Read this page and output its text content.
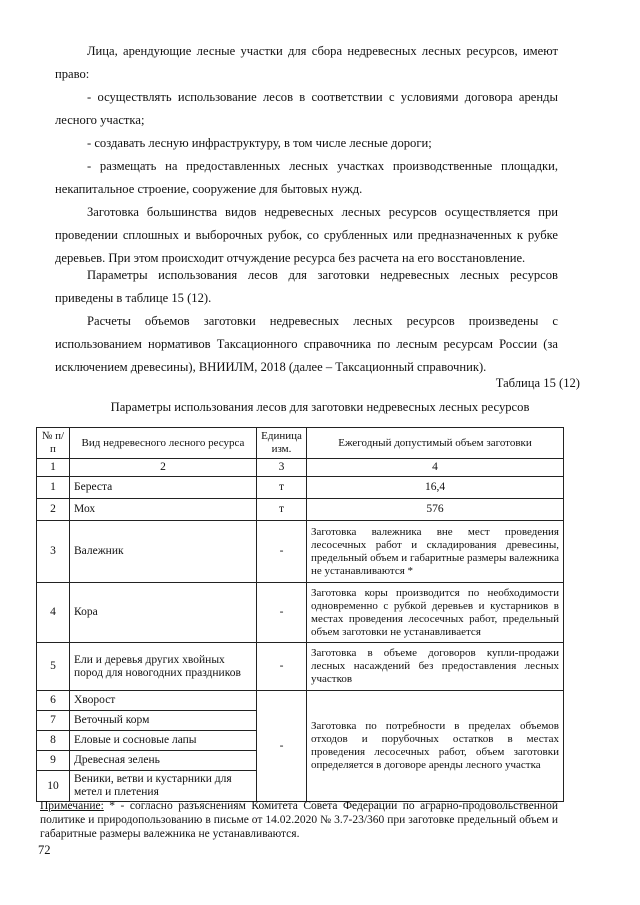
Лица, арендующие лесные участки для сбора недревесных лесных ресурсов, имеют право:

- осуществлять использование лесов в соответствии с условиями договора аренды лесного участка;

- создавать лесную инфраструктуру, в том числе лесные дороги;

- размещать на предоставленных лесных участках производственные площадки, некапитальное строение, сооружение для бытовых нужд.

Заготовка большинства видов недревесных лесных ресурсов осуществляется при проведении сплошных и выборочных рубок, со срубленных или предназначенных к рубке деревьев. При этом происходит отчуждение ресурса без расчета на его восстановление.

Параметры использования лесов для заготовки недревесных лесных ресурсов приведены в таблице 15 (12).

Расчеты объемов заготовки недревесных лесных ресурсов произведены с использованием нормативов Таксационного справочника по лесным ресурсам России (за исключением древесины), ВНИИЛМ, 2018 (далее – Таксационный справочник).

Таблица 15 (12)

Параметры использования лесов для заготовки недревесных лесных ресурсов

№ п/п	Вид недревесного лесного ресурса	Единица изм.	Ежегодный допустимый объем заготовки
1	2	3	4
1	Береста	т	16,4
2	Мох	т	576
3	Валежник	-	Заготовка валежника вне мест проведения лесосечных работ и складирования древесины, предельный объем и габаритные размеры валежника не устанавливаются *
4	Кора	-	Заготовка коры производится по необходимости одновременно с рубкой деревьев и кустарников в местах проведения лесосечных работ, предельный объем заготовки не устанавливается
5	Ели и деревья других хвойных пород для новогодних праздников	-	Заготовка в объеме договоров купли-продажи лесных насаждений без предоставления лесных участков
6	Хворост	-	Заготовка по потребности в пределах объемов отходов и порубочных остатков в местах проведения лесосечных работ, объем заготовки определяется в договоре аренды лесного участка
7	Веточный корм		
8	Еловые и сосновые лапы		
9	Древесная зелень		
10	Веники, ветви и кустарники для метел и плетения		

Примечание: * - согласно разъяснениям Комитета Совета Федерации по аграрно-продовольственной политике и природопользованию в письме от 14.02.2020 № 3.7-23/360 при заготовке предельный объем и габаритные размеры валежника не устанавливаются.

72
